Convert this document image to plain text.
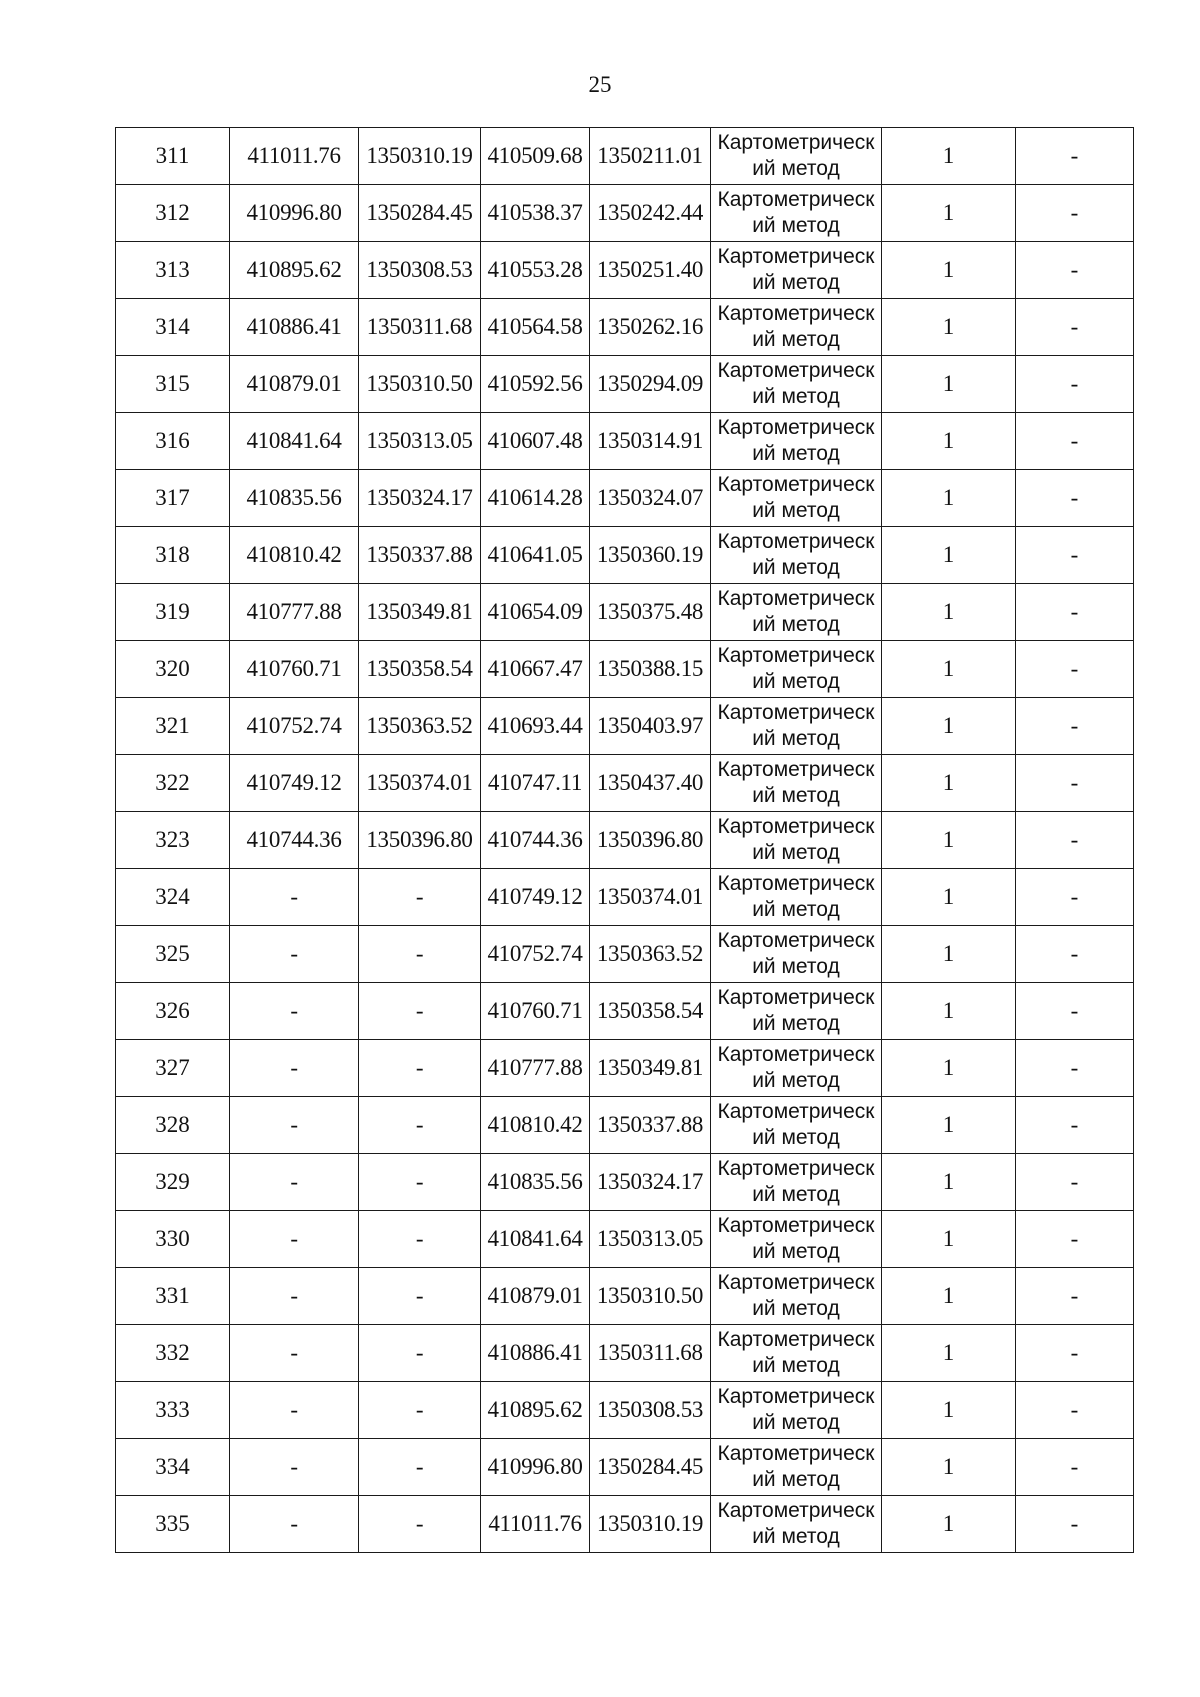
25
311	411011.76	1350310.19	410509.68	1350211.01	Картометрическ
ий метод	1	-
312	410996.80	1350284.45	410538.37	1350242.44	Картометрическ
ий метод	1	-
313	410895.62	1350308.53	410553.28	1350251.40	Картометрическ
ий метод	1	-
314	410886.41	1350311.68	410564.58	1350262.16	Картометрическ
ий метод	1	-
315	410879.01	1350310.50	410592.56	1350294.09	Картометрическ
ий метод	1	-
316	410841.64	1350313.05	410607.48	1350314.91	Картометрическ
ий метод	1	-
317	410835.56	1350324.17	410614.28	1350324.07	Картометрическ
ий метод	1	-
318	410810.42	1350337.88	410641.05	1350360.19	Картометрическ
ий метод	1	-
319	410777.88	1350349.81	410654.09	1350375.48	Картометрическ
ий метод	1	-
320	410760.71	1350358.54	410667.47	1350388.15	Картометрическ
ий метод	1	-
321	410752.74	1350363.52	410693.44	1350403.97	Картометрическ
ий метод	1	-
322	410749.12	1350374.01	410747.11	1350437.40	Картометрическ
ий метод	1	-
323	410744.36	1350396.80	410744.36	1350396.80	Картометрическ
ий метод	1	-
324	-	-	410749.12	1350374.01	Картометрическ
ий метод	1	-
325	-	-	410752.74	1350363.52	Картометрическ
ий метод	1	-
326	-	-	410760.71	1350358.54	Картометрическ
ий метод	1	-
327	-	-	410777.88	1350349.81	Картометрическ
ий метод	1	-
328	-	-	410810.42	1350337.88	Картометрическ
ий метод	1	-
329	-	-	410835.56	1350324.17	Картометрическ
ий метод	1	-
330	-	-	410841.64	1350313.05	Картометрическ
ий метод	1	-
331	-	-	410879.01	1350310.50	Картометрическ
ий метод	1	-
332	-	-	410886.41	1350311.68	Картометрическ
ий метод	1	-
333	-	-	410895.62	1350308.53	Картометрическ
ий метод	1	-
334	-	-	410996.80	1350284.45	Картометрическ
ий метод	1	-
335	-	-	411011.76	1350310.19	Картометрическ
ий метод	1	-
